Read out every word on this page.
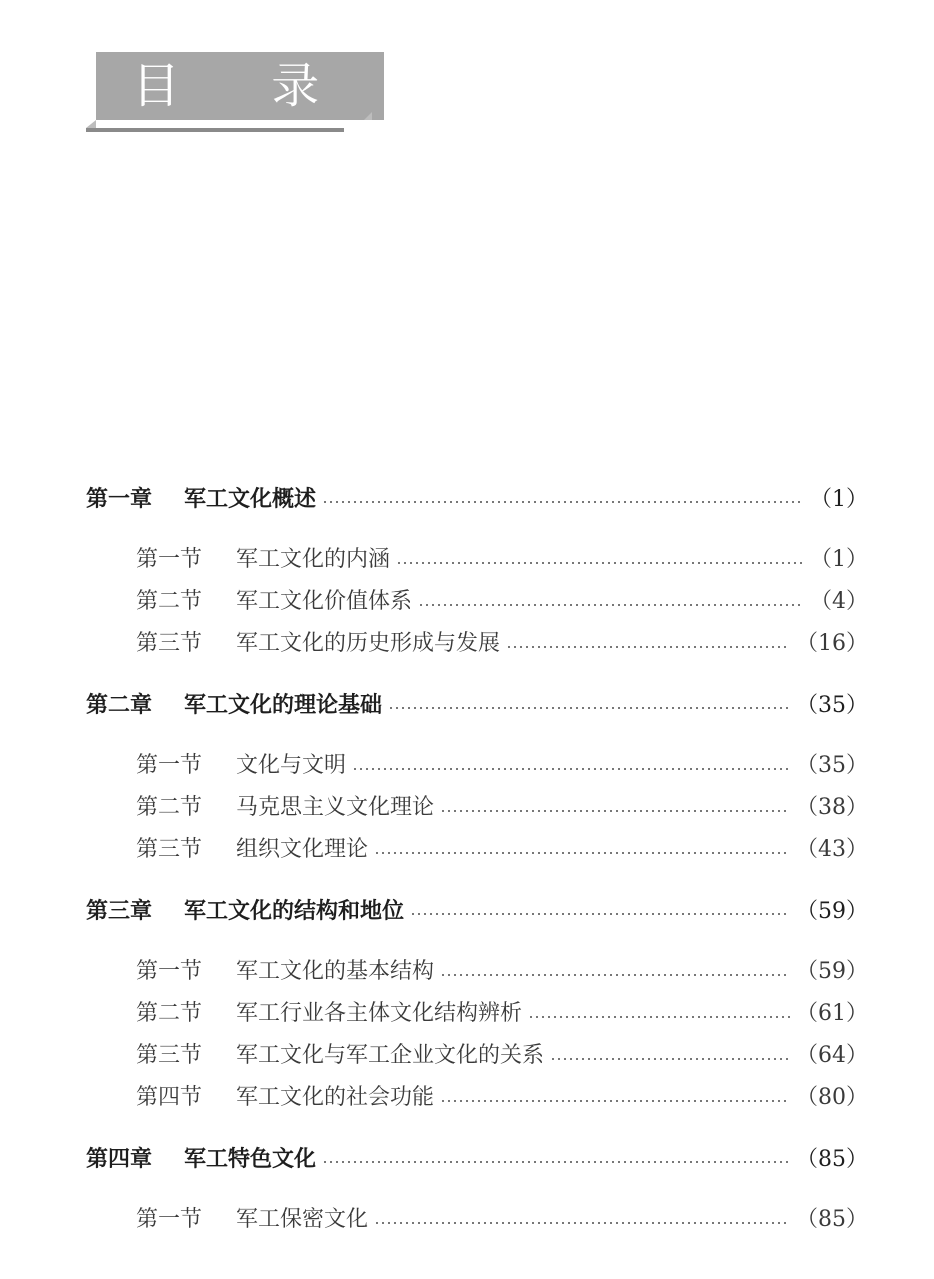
目 录
第一章	军工文化概述	（1）
第一节	军工文化的内涵	（1）
第二节	军工文化价值体系	（4）
第三节	军工文化的历史形成与发展	（16）
第二章	军工文化的理论基础	（35）
第一节	文化与文明	（35）
第二节	马克思主义文化理论	（38）
第三节	组织文化理论	（43）
第三章	军工文化的结构和地位	（59）
第一节	军工文化的基本结构	（59）
第二节	军工行业各主体文化结构辨析	（61）
第三节	军工文化与军工企业文化的关系	（64）
第四节	军工文化的社会功能	（80）
第四章	军工特色文化	（85）
第一节	军工保密文化	（85）
